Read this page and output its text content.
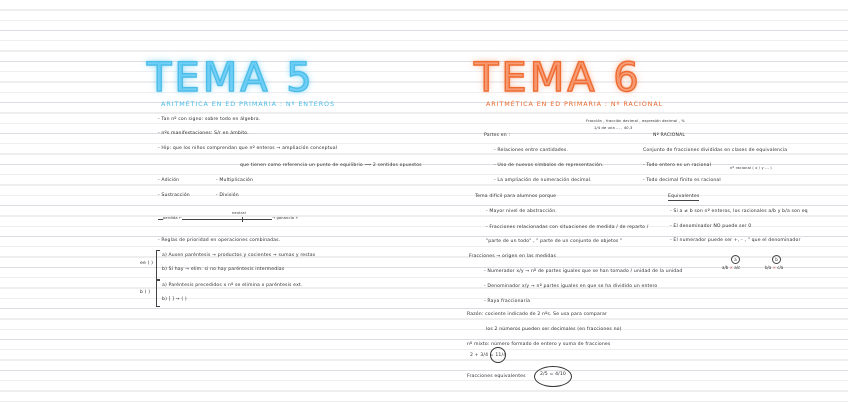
TEMA 5
ARITMÉTICA EN ED PRIMARIA : Nº ENTEROS
- Tan nº con signo: sobre todo en álgebra.
- nºs manifestaciones: S/r en ámbito.
- Hip: que los niños comprendan que nº enteros → ampliación conceptual
que tienen como referencia un punto de equilibrio ⟹ 2 sentidos opuestos
- Adición	- Multiplicación
- Sustracción	- División
neutral
perdida ←	→ ganancia +
- Reglas de prioridad en operaciones combinadas.
ee ( )
a) Ausen paréntesis → productos y cocientes → sumas y restas
b) Si hay → elim. si no hay paréntesis intermedias
b ( )
a) Paréntesis precedidos x nº se elimina x paréntesis ext.
b) [ ] → ( )
TEMA 6
ARITMÉTICA EN ED PRIMARIA : Nº RACIONAL
Fracción , fracción decimal , expresión decimal , %
1/4 de una ... , 40,3
Partes en :	Nº RACIONAL
- Relaciones entre cantidades.
- Uso de nuevos símbolos de representación.
- La ampliación de numeración decimal.
Conjunto de fracciones divididas en clases de equivalencia
- Todo entero es un racional	nº racional ( x / y ... )
- Todo decimal finito es racional
Tema difícil para alumnos porque
- Mayor nivel de abstracción.
- Fracciones relacionadas con situaciones de medida / de reparto /
"parte de un todo" , " parte de un conjunto de objetos "
Equivalentes
- Si a ≠ b son nº enteros, los racionales a/b y b/a son eq
- El denominador NO puede ser 0
- El numerador puede ser +, - , " que el denominador
a	b
a/b × a/c	b/a × c/a
Fracciones → origen en las medidas
- Numerador x/y → nº de partes iguales que se han tomado / unidad de la unidad
- Denominador x/y → nº partes iguales en que se ha dividido un entero
- Raya fraccionaria
Razón: cociente indicado de 2 nºs. Se usa para comparar
los 2 números pueden ser decimales (en fracciones no)
nº mixto: número formado de entero y suma de fracciones
2 + 3/4 = 11/4
Fracciones equivalentes	2/5 = 4/10
